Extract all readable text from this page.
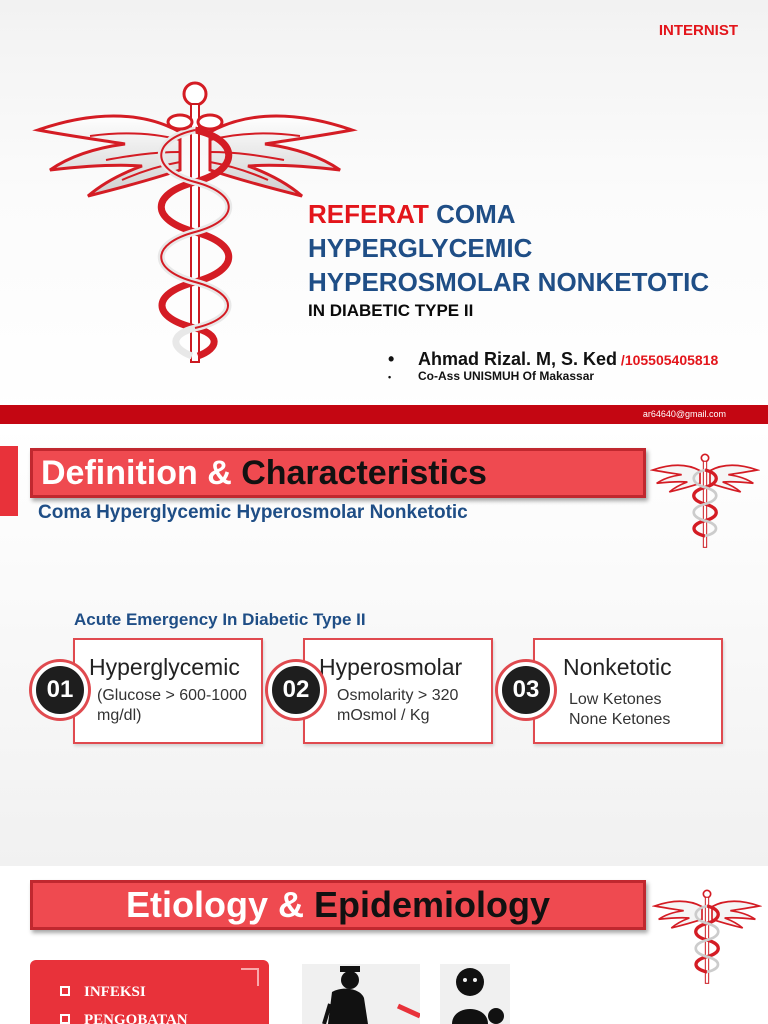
INTERNIST
REFERAT COMA
HYPERGLYCEMIC
HYPEROSMOLAR NONKETOTIC
IN DIABETIC TYPE II
• Ahmad Rizal. M, S. Ked /105505405818
• Co-Ass UNISMUH Of Makassar
ar64640@gmail.com
Definition & Characteristics
Coma Hyperglycemic Hyperosmolar Nonketotic
Acute Emergency In Diabetic Type II
Hyperglycemic
(Glucose > 600-1000
mg/dl)
01
Hyperosmolar
Osmolarity > 320
mOsmol / Kg
02
Nonketotic
Low Ketones
None Ketones
03
Etiology & Epidemiology
INFEKSI
PENGOBATAN
